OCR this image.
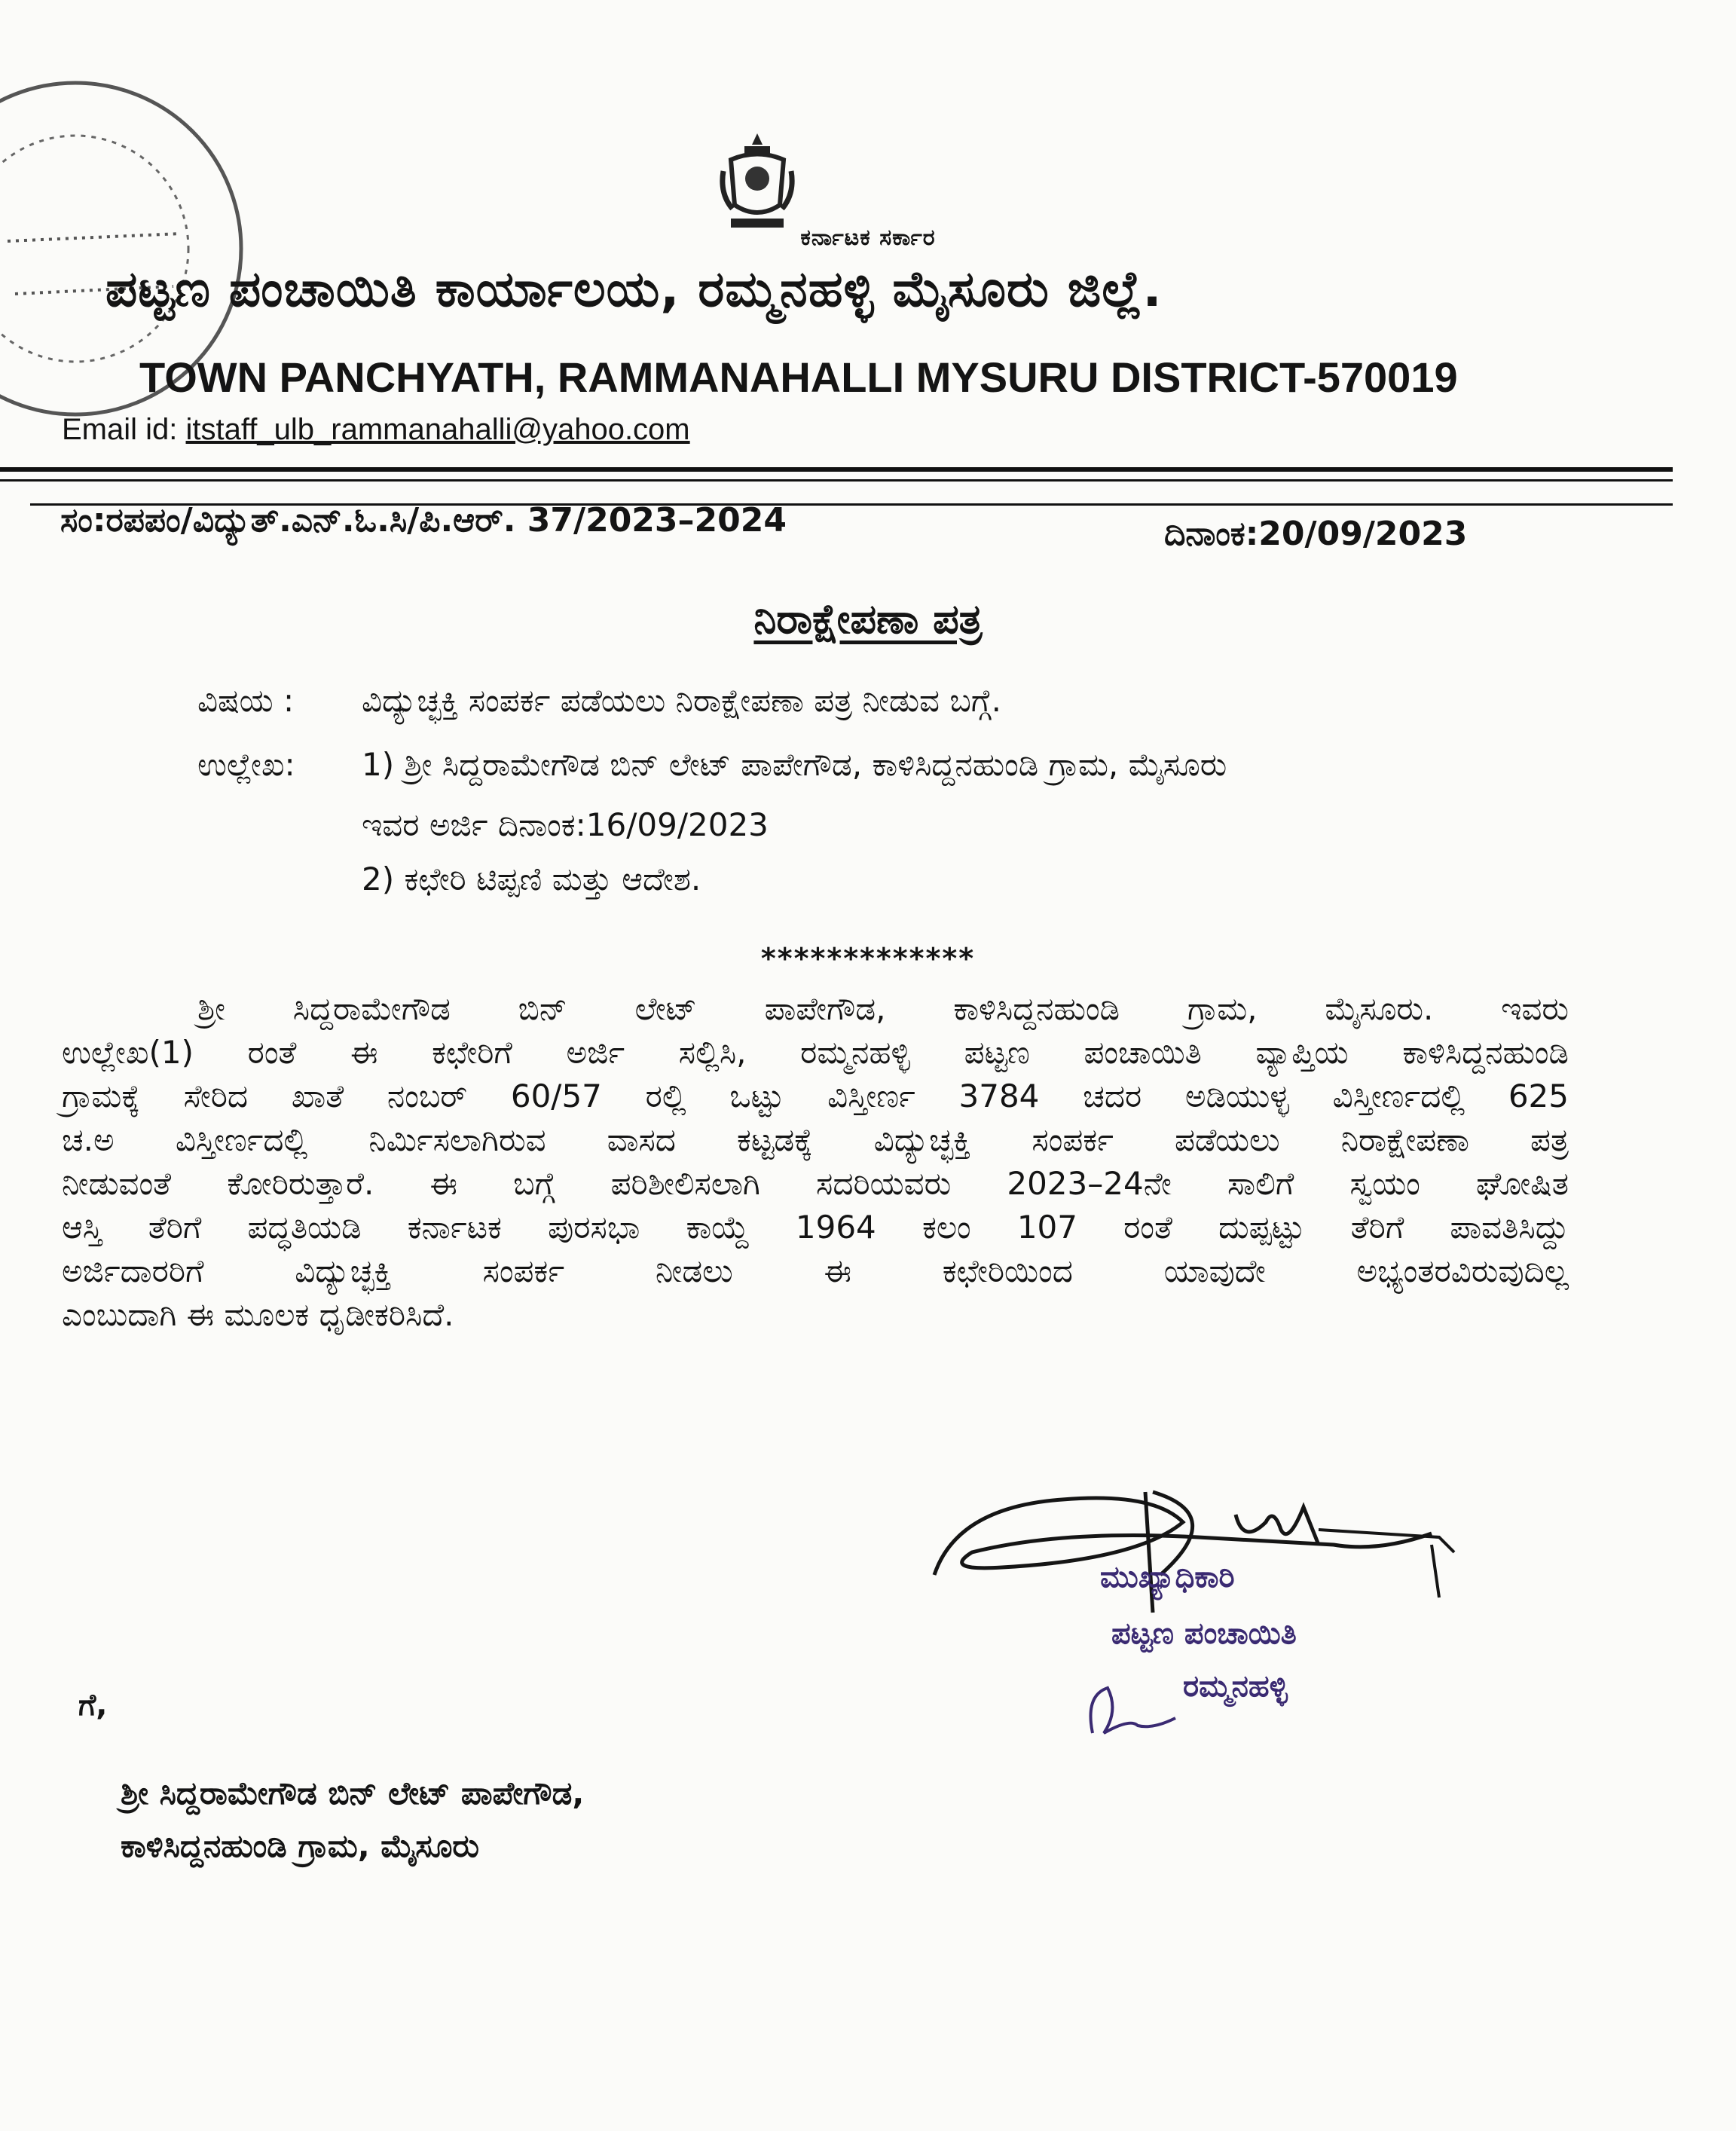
ಕರ್ನಾಟಕ ಸರ್ಕಾರ
ಪಟ್ಟಣ ಪಂಚಾಯಿತಿ ಕಾರ್ಯಾಲಯ, ರಮ್ಮನಹಳ್ಳಿ ಮೈಸೂರು ಜಿಲ್ಲೆ.
TOWN PANCHYATH, RAMMANAHALLI MYSURU DISTRICT-570019
Email id: itstaff_ulb_rammanahalli@yahoo.com
ಸಂ:ರಪಪಂ/ವಿದ್ಯುತ್.ಎನ್.ಓ.ಸಿ/ಪಿ.ಆರ್. 37/2023–2024	ದಿನಾಂಕ:20/09/2023
ನಿರಾಕ್ಷೇಪಣಾ ಪತ್ರ
ವಿಷಯ : ವಿದ್ಯುಚ್ಛಕ್ತಿ ಸಂಪರ್ಕ ಪಡೆಯಲು ನಿರಾಕ್ಷೇಪಣಾ ಪತ್ರ ನೀಡುವ ಬಗ್ಗೆ.
ಉಲ್ಲೇಖ: 1) ಶ್ರೀ ಸಿದ್ದರಾಮೇಗೌಡ ಬಿನ್ ಲೇಟ್ ಪಾಪೇಗೌಡ, ಕಾಳಿಸಿದ್ದನಹುಂಡಿ ಗ್ರಾಮ, ಮೈಸೂರು
ಇವರ ಅರ್ಜಿ ದಿನಾಂಕ:16/09/2023
2) ಕಛೇರಿ ಟಿಪ್ಪಣಿ ಮತ್ತು ಆದೇಶ.
*************
ಶ್ರೀ ಸಿದ್ದರಾಮೇಗೌಡ ಬಿನ್ ಲೇಟ್ ಪಾಪೇಗೌಡ, ಕಾಳಿಸಿದ್ದನಹುಂಡಿ ಗ್ರಾಮ, ಮೈಸೂರು. ಇವರು
ಉಲ್ಲೇಖ(1) ರಂತೆ ಈ ಕಛೇರಿಗೆ ಅರ್ಜಿ ಸಲ್ಲಿಸಿ, ರಮ್ಮನಹಳ್ಳಿ ಪಟ್ಟಣ ಪಂಚಾಯಿತಿ ವ್ಯಾಪ್ತಿಯ ಕಾಳಿಸಿದ್ದನಹುಂಡಿ
ಗ್ರಾಮಕ್ಕೆ ಸೇರಿದ ಖಾತೆ ನಂಬರ್ 60/57 ರಲ್ಲಿ ಒಟ್ಟು ವಿಸ್ತೀರ್ಣ 3784 ಚದರ ಅಡಿಯುಳ್ಳ ವಿಸ್ತೀರ್ಣದಲ್ಲಿ 625
ಚ.ಅ ವಿಸ್ತೀರ್ಣದಲ್ಲಿ ನಿರ್ಮಿಸಲಾಗಿರುವ ವಾಸದ ಕಟ್ಟಡಕ್ಕೆ ವಿದ್ಯುಚ್ಛಕ್ತಿ ಸಂಪರ್ಕ ಪಡೆಯಲು ನಿರಾಕ್ಷೇಪಣಾ ಪತ್ರ
ನೀಡುವಂತೆ ಕೋರಿರುತ್ತಾರೆ. ಈ ಬಗ್ಗೆ ಪರಿಶೀಲಿಸಲಾಗಿ ಸದರಿಯವರು 2023–24ನೇ ಸಾಲಿಗೆ ಸ್ವಯಂ ಘೋಷಿತ
ಆಸ್ತಿ ತೆರಿಗೆ ಪದ್ಧತಿಯಡಿ ಕರ್ನಾಟಕ ಪುರಸಭಾ ಕಾಯ್ದೆ 1964 ಕಲಂ 107 ರಂತೆ ದುಪ್ಪಟ್ಟು ತೆರಿಗೆ ಪಾವತಿಸಿದ್ದು
ಅರ್ಜಿದಾರರಿಗೆ ವಿದ್ಯುಚ್ಛಕ್ತಿ ಸಂಪರ್ಕ ನೀಡಲು ಈ ಕಛೇರಿಯಿಂದ ಯಾವುದೇ ಅಭ್ಯಂತರವಿರುವುದಿಲ್ಲ
ಎಂಬುದಾಗಿ ಈ ಮೂಲಕ ಧೃಡೀಕರಿಸಿದೆ.
ಮುಖ್ಯಾಧಿಕಾರಿ
ಪಟ್ಟಣ ಪಂಚಾಯಿತಿ
ರಮ್ಮನಹಳ್ಳಿ
ಗೆ,
ಶ್ರೀ ಸಿದ್ದರಾಮೇಗೌಡ ಬಿನ್ ಲೇಟ್ ಪಾಪೇಗೌಡ,
ಕಾಳಿಸಿದ್ದನಹುಂಡಿ ಗ್ರಾಮ, ಮೈಸೂರು
